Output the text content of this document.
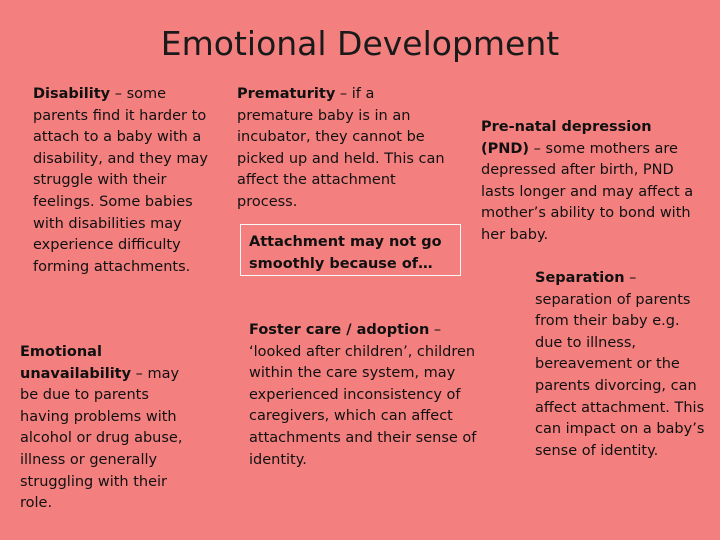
Emotional Development
Disability – some parents find it harder to attach to a baby with a disability, and they may struggle with their feelings. Some babies with disabilities may experience difficulty forming attachments.
Prematurity – if a premature baby is in an incubator, they cannot be picked up and held. This can affect the attachment process.
Pre-natal depression (PND) – some mothers are depressed after birth, PND lasts longer and may affect a mother’s ability to bond with her baby.
Attachment may not go smoothly because of…
Emotional unavailability – may be due to parents having problems with alcohol or drug abuse, illness or generally struggling with their role.
Foster care / adoption – ‘looked after children’, children within the care system, may experienced inconsistency of caregivers, which can affect attachments and their sense of identity.
Separation – separation of parents from their baby e.g. due to illness, bereavement or the parents divorcing, can affect attachment. This can impact on a baby’s sense of identity.
